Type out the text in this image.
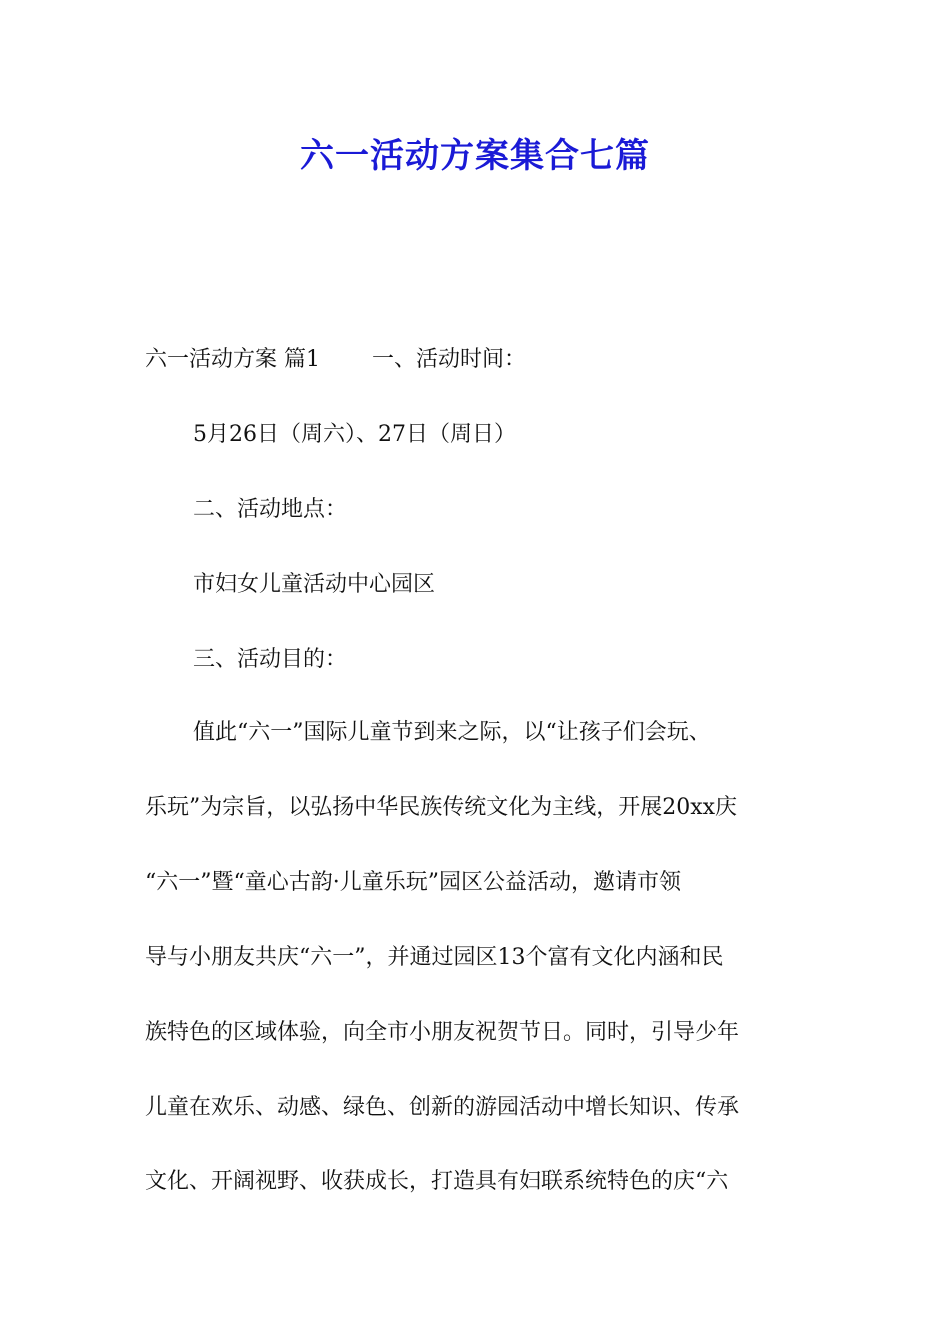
六一活动方案集合七篇

六一活动方案 篇1 一、活动时间：

5月26日（周六）、27日（周日）

二、活动地点：

市妇女儿童活动中心园区

三、活动目的：

值此“六一”国际儿童节到来之际，以“让孩子们会玩、

乐玩”为宗旨，以弘扬中华民族传统文化为主线，开展20xx庆

“六一”暨“童心古韵·儿童乐玩”园区公益活动，邀请市领

导与小朋友共庆“六一”，并通过园区13个富有文化内涵和民

族特色的区域体验，向全市小朋友祝贺节日。同时，引导少年

儿童在欢乐、动感、绿色、创新的游园活动中增长知识、传承

文化、开阔视野、收获成长，打造具有妇联系统特色的庆“六
